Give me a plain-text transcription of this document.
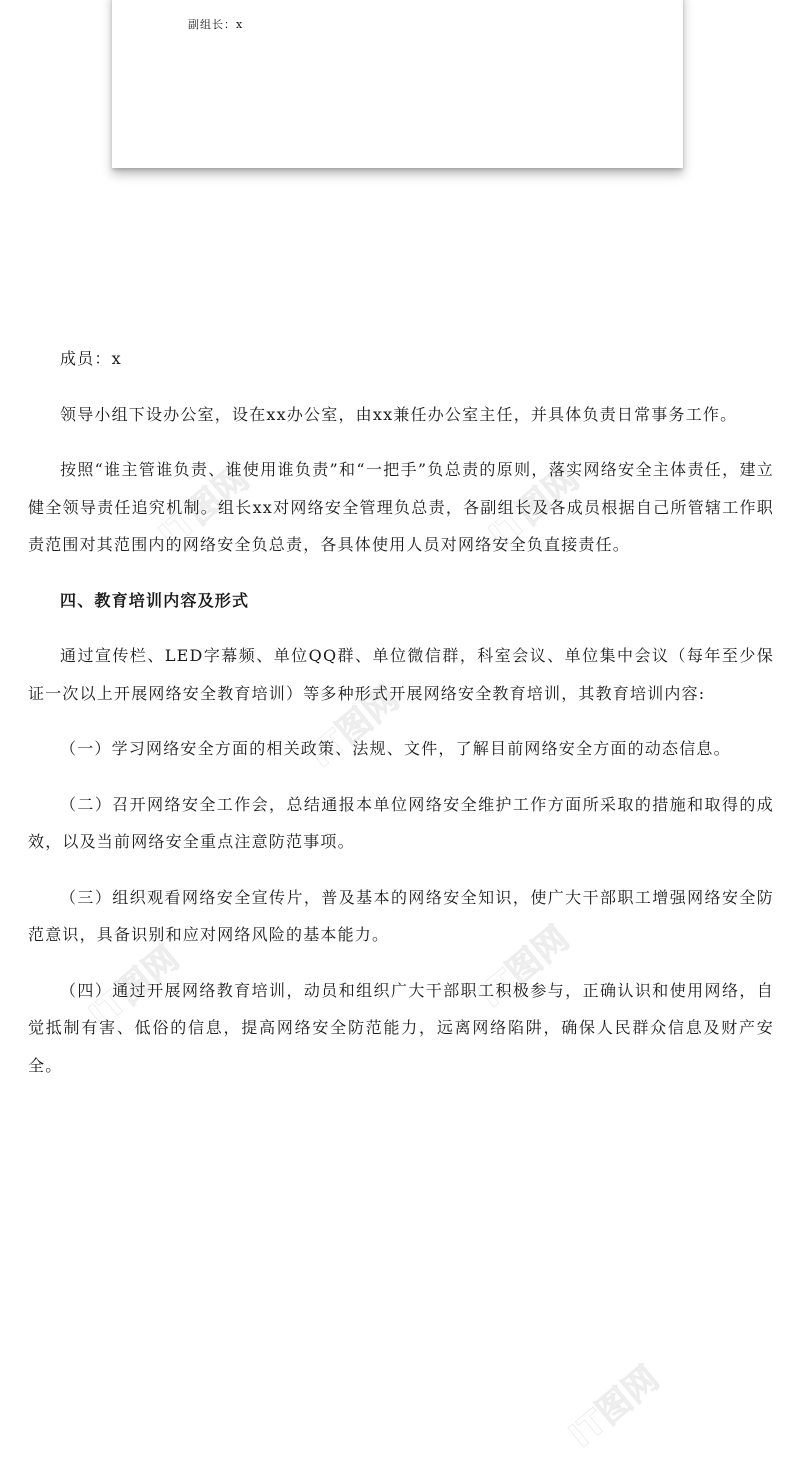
副组长：x
IT图网	IT图网
IT图网
IT图网	IT图网
IT图网

成员：x

领导小组下设办公室，设在xx办公室，由xx兼任办公室主任，并具体负责日常事务工作。

按照“谁主管谁负责、谁使用谁负责”和“一把手”负总责的原则，落实网络安全主体责任，建立健全领导责任追究机制。组长xx对网络安全管理负总责，各副组长及各成员根据自己所管辖工作职责范围对其范围内的网络安全负总责，各具体使用人员对网络安全负直接责任。

四、教育培训内容及形式

通过宣传栏、LED字幕频、单位QQ群、单位微信群，科室会议、单位集中会议（每年至少保证一次以上开展网络安全教育培训）等多种形式开展网络安全教育培训，其教育培训内容:

（一）学习网络安全方面的相关政策、法规、文件，了解目前网络安全方面的动态信息。

（二）召开网络安全工作会，总结通报本单位网络安全维护工作方面所采取的措施和取得的成效，以及当前网络安全重点注意防范事项。

（三）组织观看网络安全宣传片，普及基本的网络安全知识，使广大干部职工增强网络安全防范意识，具备识别和应对网络风险的基本能力。

（四）通过开展网络教育培训，动员和组织广大干部职工积极参与，正确认识和使用网络，自觉抵制有害、低俗的信息，提高网络安全防范能力，远离网络陷阱，确保人民群众信息及财产安全。
